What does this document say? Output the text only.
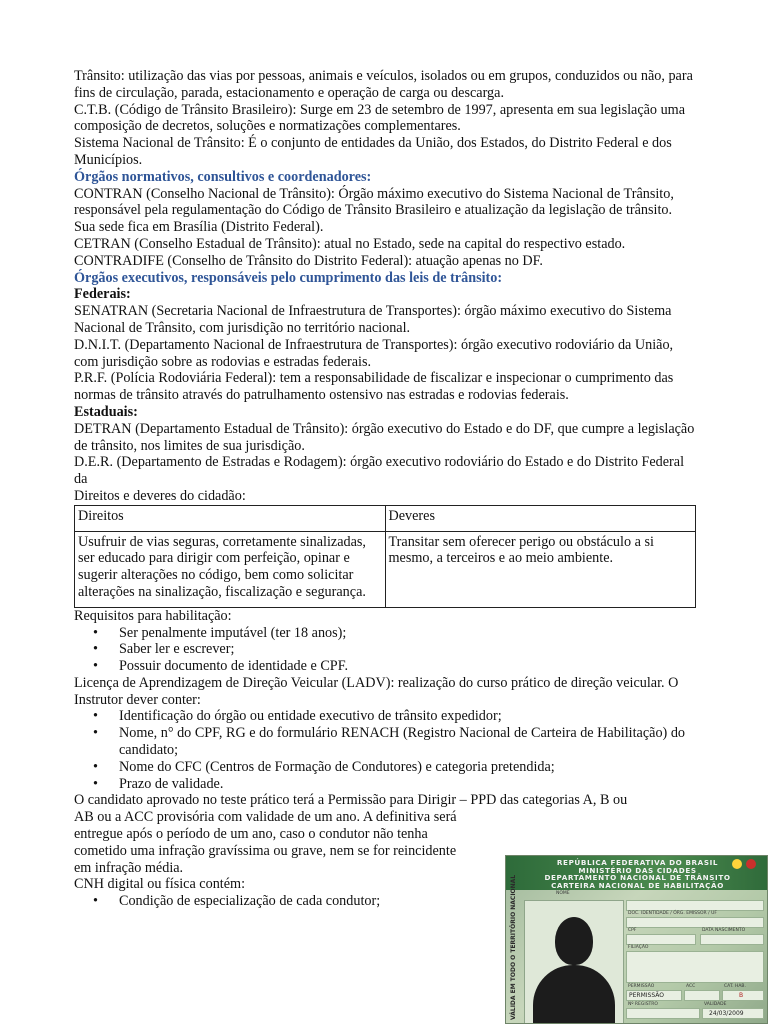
Trânsito: utilização das vias por pessoas, animais e veículos, isolados ou em grupos, conduzidos ou não, para fins de circulação, parada, estacionamento e operação de carga ou descarga.

C.T.B. (Código de Trânsito Brasileiro): Surge em 23 de setembro de 1997, apresenta em sua legislação uma composição de decretos, soluções e normatizações complementares.

Sistema Nacional de Trânsito: É o conjunto de entidades da União, dos Estados, do Distrito Federal e dos Municípios.

Órgãos normativos, consultivos e coordenadores:

CONTRAN (Conselho Nacional de Trânsito): Órgão máximo executivo do Sistema Nacional de Trânsito, responsável pela regulamentação do Código de Trânsito Brasileiro e atualização da legislação de trânsito. Sua sede fica em Brasília (Distrito Federal).

CETRAN (Conselho Estadual de Trânsito): atual no Estado, sede na capital do respectivo estado.

CONTRADIFE (Conselho de Trânsito do Distrito Federal): atuação apenas no DF.

Órgãos executivos, responsáveis pelo cumprimento das leis de trânsito:

Federais:

SENATRAN (Secretaria Nacional de Infraestrutura de Transportes): órgão máximo executivo do Sistema Nacional de Trânsito, com jurisdição no território nacional.

D.N.I.T. (Departamento Nacional de Infraestrutura de Transportes): órgão executivo rodoviário da União, com jurisdição sobre as rodovias e estradas federais.

P.R.F. (Polícia Rodoviária Federal): tem a responsabilidade de fiscalizar e inspecionar o cumprimento das normas de trânsito através do patrulhamento ostensivo nas estradas e rodovias federais.

Estaduais:

DETRAN (Departamento Estadual de Trânsito): órgão executivo do Estado e do DF, que cumpre a legislação de trânsito, nos limites de sua jurisdição.

D.E.R. (Departamento de Estradas e Rodagem): órgão executivo rodoviário do Estado e do Distrito Federal da

Direitos e deveres do cidadão:

Direitos	Deveres
Usufruir de vias seguras, corretamente sinalizadas, ser educado para dirigir com perfeição, opinar e sugerir alterações no código, bem como solicitar alterações na sinalização, fiscalização e segurança.	Transitar sem oferecer perigo ou obstáculo a si mesmo, a terceiros e ao meio ambiente.

Requisitos para habilitação:

• Ser penalmente imputável (ter 18 anos);
• Saber ler e escrever;
• Possuir documento de identidade e CPF.

Licença de Aprendizagem de Direção Veicular (LADV): realização do curso prático de direção veicular. O Instrutor dever conter:

• Identificação do órgão ou entidade executivo de trânsito expedidor;
• Nome, n° do CPF, RG e do formulário RENACH (Registro Nacional de Carteira de Habilitação) do candidato;
• Nome do CFC (Centros de Formação de Condutores) e categoria pretendida;
• Prazo de validade.

O candidato aprovado no teste prático terá a Permissão para Dirigir – PPD das categorias A, B ou

AB ou a ACC provisória com validade de um ano. A definitiva será

entregue após o período de um ano, caso o condutor não tenha

cometido uma infração gravíssima ou grave, nem se for reincidente

em infração média.

CNH digital ou física contém:

• Condição de especialização de cada condutor;
REPÚBLICA FEDERATIVA DO BRASIL
MINISTÉRIO DAS CIDADES
DEPARTAMENTO NACIONAL DE TRÂNSITO
CARTEIRA NACIONAL DE HABILITAÇÃO
VÁLIDA EM TODO O TERRITÓRIO NACIONAL	NOME
DOC. IDENTIDADE / ÓRG. EMISSOR / UF
CPF	DATA NASCIMENTO
FILIAÇÃO
PERMISSÃO	ACC	CAT. HAB.
PERMISSÃO	B
Nº REGISTRO	VALIDADE
24/03/2009
